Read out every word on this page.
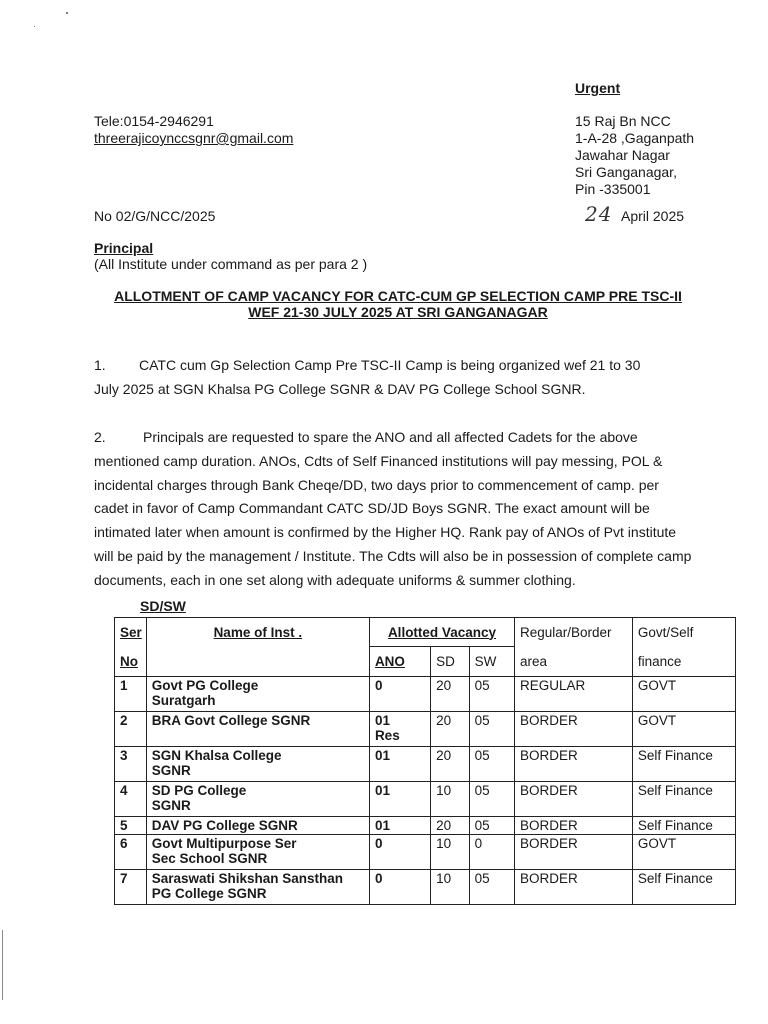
Urgent
Tele:0154-2946291
threerajicoyncc​sgnr@gmail.com
15 Raj Bn NCC
1-A-28 ,Gaganpath
Jawahar Nagar
Sri Ganganagar,
Pin -335001
No 02/G/NCC/2025	24 April 2025
Principal
(All Institute under command as per para 2 )
ALLOTMENT OF CAMP VACANCY FOR CATC-CUM GP SELECTION CAMP PRE TSC-II
WEF 21-30 JULY 2025 AT SRI GANGANAGAR
1. CATC cum Gp Selection Camp Pre TSC-II Camp is being organized wef 21 to 30
July 2025 at SGN Khalsa PG College SGNR & DAV PG College School SGNR.
2.	Principals are requested to spare the ANO and all affected Cadets for the above
mentioned camp duration. ANOs, Cdts of Self Financed institutions will pay messing, POL &
incidental charges through Bank Cheqe/DD, two days prior to commencement of camp. per
cadet in favor of Camp Commandant CATC SD/JD Boys SGNR. The exact amount will be
intimated later when amount is confirmed by the Higher HQ. Rank pay of ANOs of Pvt institute
will be paid by the management / Institute. The Cdts will also be in possession of complete camp
documents, each in one set along with adequate uniforms & summer clothing.
SD/SW
Ser	Name of Inst .	Allotted Vacancy			Regular/Border	Govt/Self
No		ANO	SD	SW	area	finance
1	Govt PG College
Suratgarh	0	20	05	REGULAR	GOVT
2	BRA Govt College SGNR	01
Res	20	05	BORDER	GOVT
3	SGN Khalsa College
SGNR	01	20	05	BORDER	Self Finance
4	SD PG College
SGNR	01	10	05	BORDER	Self Finance
5	DAV PG College SGNR	01	20	05	BORDER	Self Finance
6	Govt Multipurpose Ser
Sec School SGNR	0	10	0	BORDER	GOVT
7	Saraswati Shikshan Sansthan
PG College SGNR	0	10	05	BORDER	Self Finance
